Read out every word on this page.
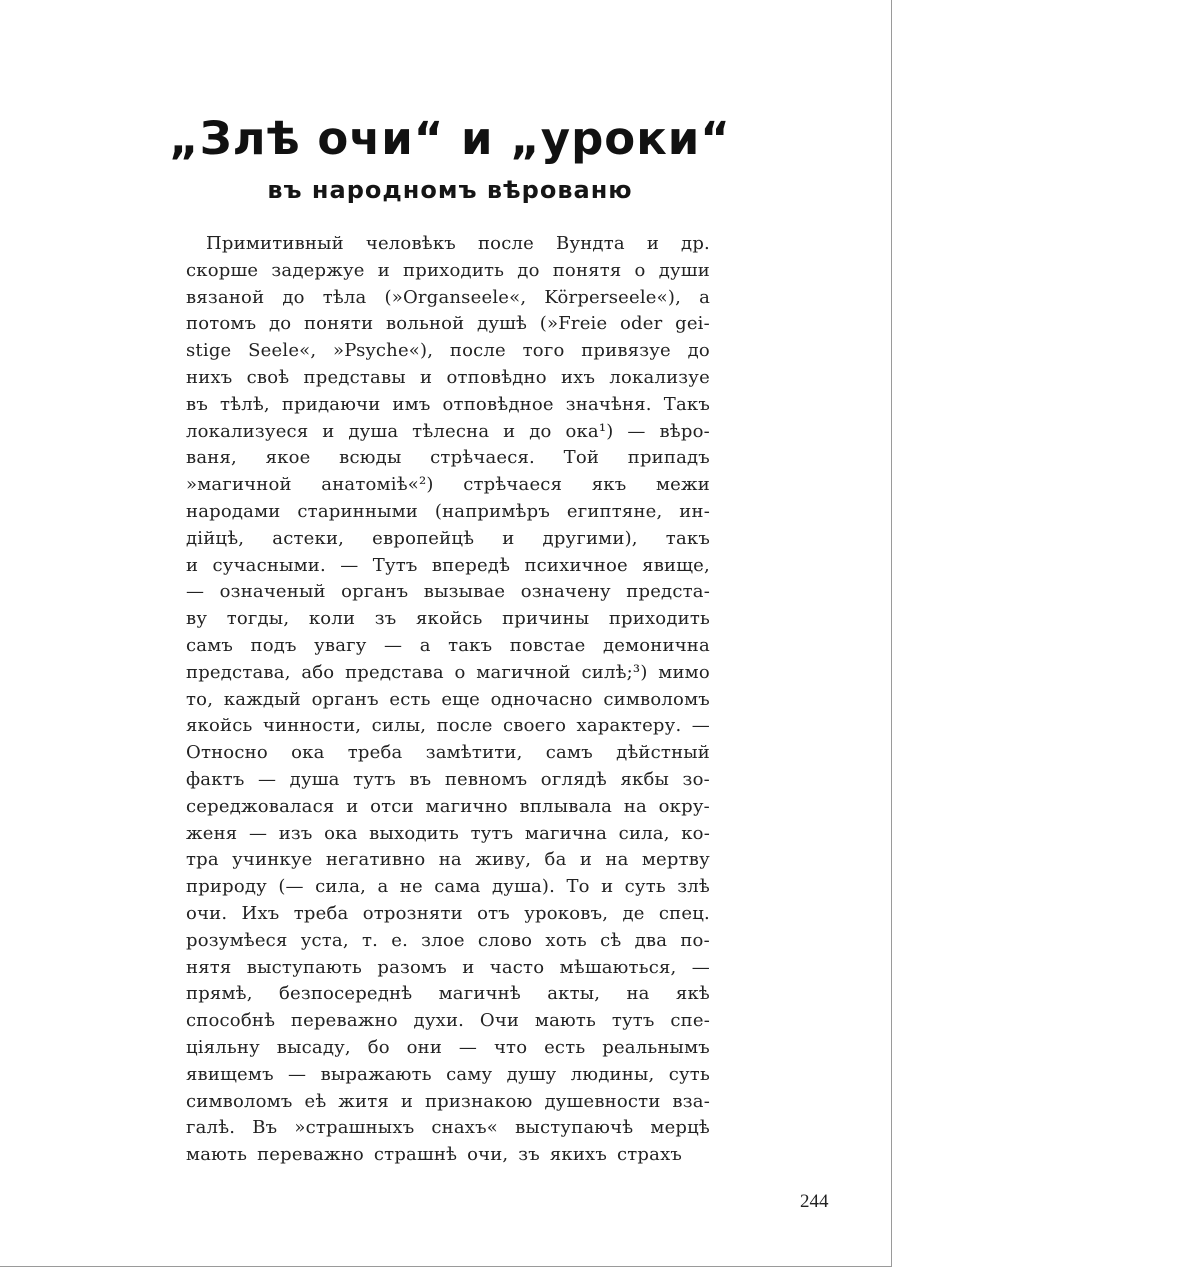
„Злѣ очи“ и „уроки“
въ народномъ вѣрованю
Примитивный человѣкъ после Вундта и др.
скорше задержуе и приходить до понятя о души
вязаной до тѣла (»Organseele«, Körperseele«), а
потомъ до поняти вольной душѣ (»Freie oder gei-
stige Seele«, »Psyche«), после того привязуе до
нихъ своѣ представы и отповѣдно ихъ локализуе
въ тѣлѣ, придаючи имъ отповѣдное значѣня. Такъ
локализуеся и душа тѣлесна и до ока¹) — вѣро-
ваня, якое всюды стрѣчаеся. Той припадъ
»магичной анатоміѣ«²) стрѣчаеся якъ межи
народами старинными (напримѣръ египтяне, ин-
дійцѣ, астеки, европейцѣ и другими), такъ
и сучасными. — Тутъ впередѣ психичное явище,
— означеный органъ вызывае означену предста-
ву тогды, коли зъ якойсь причины приходить
самъ подъ увагу — а такъ повстае демонична
представа, або представа о магичной силѣ;³) мимо
то, каждый органъ есть еще одночасно символомъ
якойсь чинности, силы, после своего характеру. —
Относно ока треба замѣтити, самъ дѣйстный
фактъ — душа тутъ въ певномъ оглядѣ якбы зо-
середжовалася и отси магично вплывала на окру-
женя — изъ ока выходить тутъ магична сила, ко-
тра учинкуе негативно на живу, ба и на мертву
природу (— сила, а не сама душа). То и суть злѣ
очи. Ихъ треба отрозняти отъ уроковъ, де спец.
розумѣеся уста, т. е. злое слово хоть сѣ два по-
нятя выступають разомъ и часто мѣшаються, —
прямѣ, безпосереднѣ магичнѣ акты, на якѣ
способнѣ переважно духи. Очи мають тутъ спе-
ціяльну высаду, бо они — что есть реальнымъ
явищемъ — выражають саму душу людины, суть
символомъ еѣ житя и признакою душевности вза-
галѣ. Въ »страшныхъ снахъ« выступаючѣ мерцѣ
мають переважно страшнѣ очи, зъ якихъ страхъ
244
